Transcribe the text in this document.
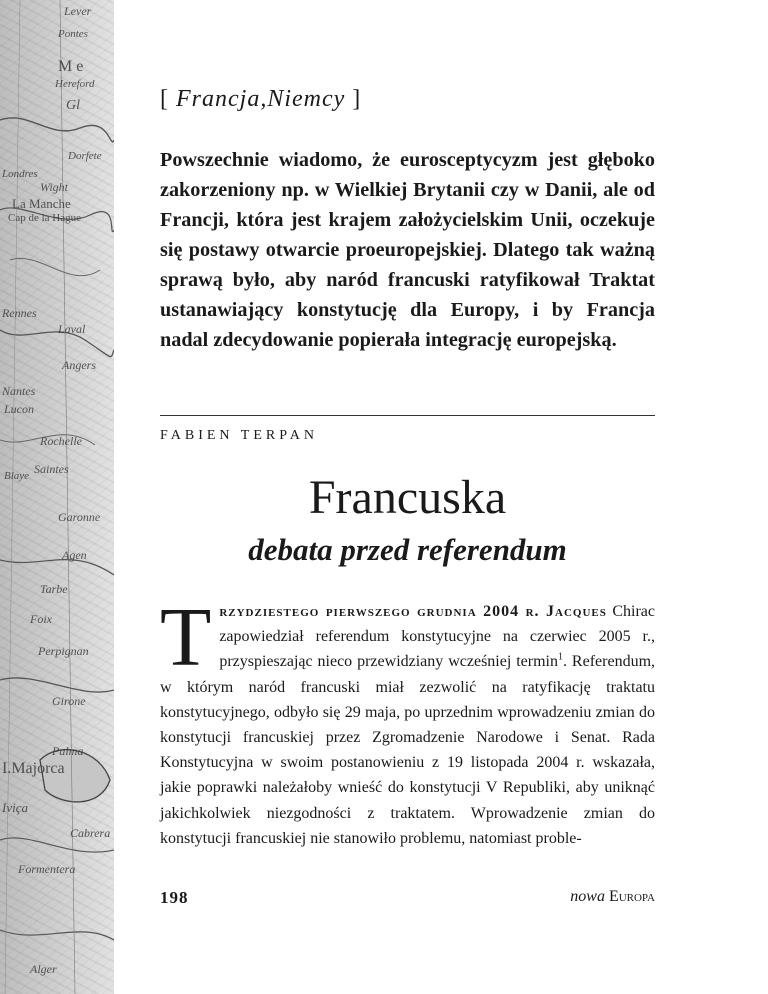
Lever
Pontes
M e
Hereford
Gl
Dorfete
Londres
Wight
La Manche
Cap de la Hague
Rennes
Laval
Angers
Nantes
Lucon
Rochelle
Saintes
Blaye
Garonne
Agen
Tarbe
Foix
Perpignan
Girone
Palma
I.Majorca
Iviça
Formentera
Cabrera
Alger
[ Francja,Niemcy ]
Powszechnie wiadomo, że eurosceptycyzm jest głęboko zakorzeniony np. w Wielkiej Brytanii czy w Danii, ale od Francji, która jest krajem założycielskim Unii, oczekuje się postawy otwarcie proeuropejskiej. Dlatego tak ważną sprawą było, aby naród francuski ratyfikował Traktat ustanawiający konstytucję dla Europy, i by Francja nadal zdecydowanie popierała integrację europejską.
FABIEN TERPAN
Francuska
debata przed referendum
Trzydziestego pierwszego grudnia 2004 r. Jacques Chirac zapowiedział referendum konstytucyjne na czerwiec 2005 r., przyspieszając nieco przewidziany wcześniej termin$^1$. Referendum, w którym naród francuski miał zezwolić na ratyfikację traktatu konstytucyjnego, odbyło się 29 maja, po uprzednim wprowadzeniu zmian do konstytucji francuskiej przez Zgromadzenie Narodowe i Senat. Rada Konstytucyjna w swoim postanowieniu z 19 listopada 2004 r. wskazała, jakie poprawki należałoby wnieść do konstytucji V Republiki, aby uniknąć jakichkolwiek niezgodności z traktatem. Wprowadzenie zmian do konstytucji francuskiej nie stanowiło problemu, natomiast proble-
198	nowa Europa
